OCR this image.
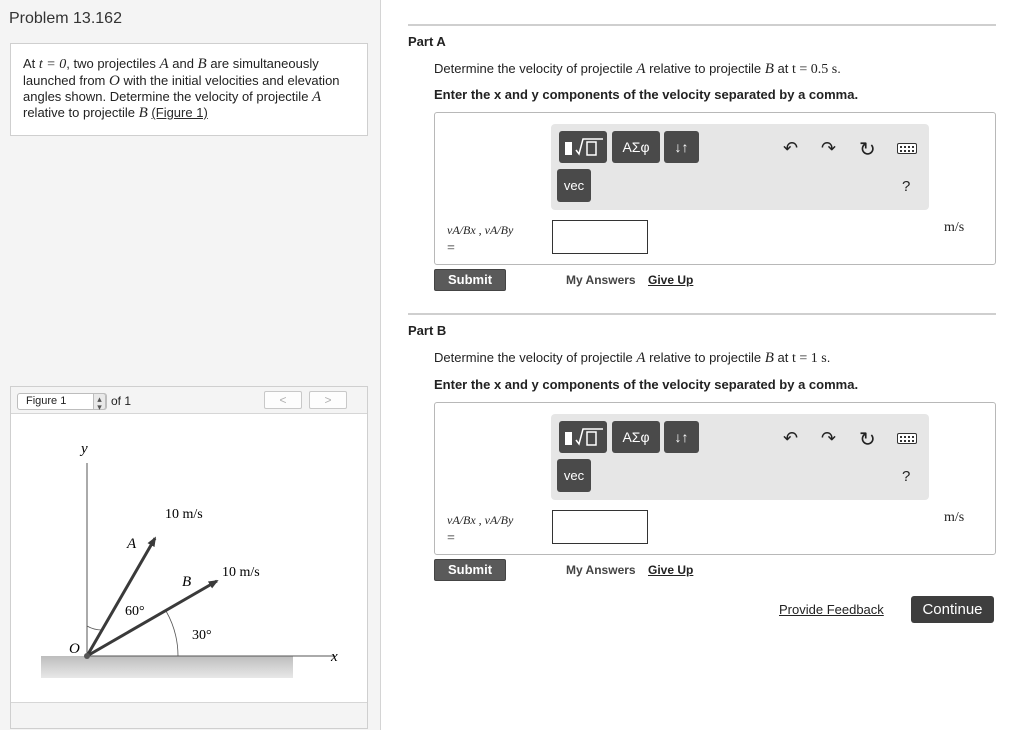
Problem 13.162
At t = 0, two projectiles A and B are simultaneously launched from O with the initial velocities and elevation angles shown. Determine the velocity of projectile A
relative to projectile B (Figure 1)
Figure 1	▴
▾ of 1	<	>
y
x
O
A
B
10 m/s
10 m/s
60°
30°
Part A
Determine the velocity of projectile A relative to projectile B at t = 0.5 s.
Enter the x and y components of the velocity separated by a comma.
ΑΣφ	↓↑
vec
↶ ↷ ↻
?
vA/Bx , vA/By
=
m/s
Submit	My Answers Give Up
Part B
Determine the velocity of projectile A relative to projectile B at t = 1 s.
Enter the x and y components of the velocity separated by a comma.
ΑΣφ	↓↑
vec
↶ ↷ ↻
?
vA/Bx , vA/By
=
m/s
Submit	My Answers Give Up
Provide Feedback	Continue
